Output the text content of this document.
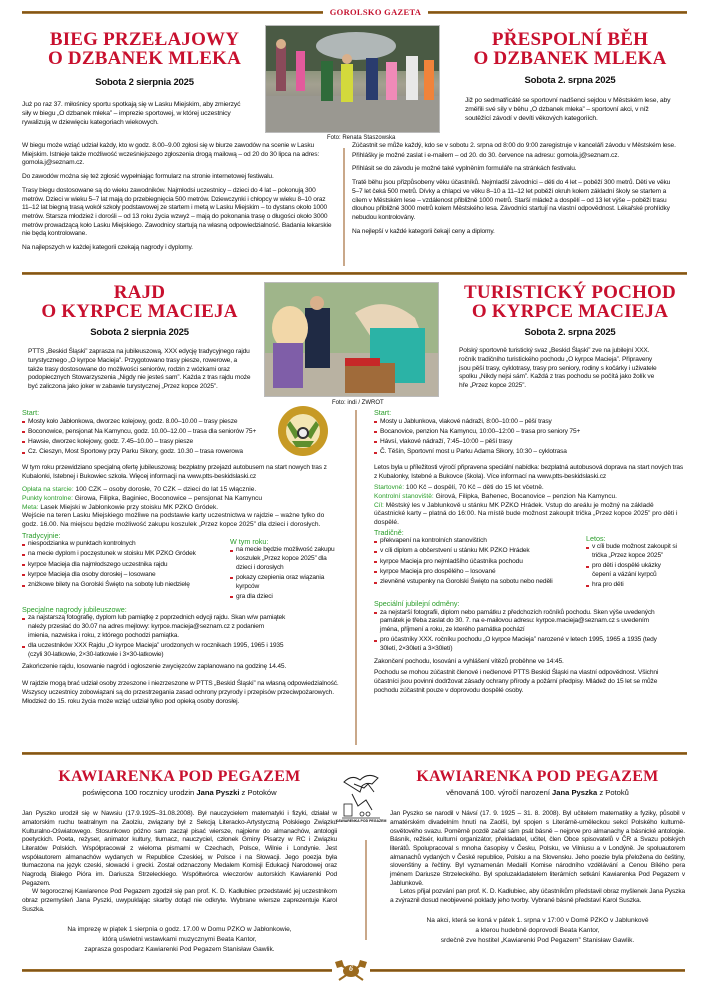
GOROLSKO GAZETA
BIEG PRZEŁAJOWY
O DZBANEK MLEKA
Sobota 2 sierpnia 2025
Już po raz 37. miłośnicy sportu spotkają się w Lasku Miejskim, aby zmierzyć siły w biegu „O dzbanek mleka” – imprezie sportowej, w której uczestnicy rywalizują w dziewięciu kategoriach wiekowych.
Foto: Renata Staszowska
PŘESPOLNÍ BĚH
O DZBANEK MLEKA
Sobota 2. srpna 2025
Již po sedmatřicáté se sportovní nadšenci sejdou v Městském lese, aby změřili své síly v běhu „O dzbanek mleka” – sportovní akci, v níž soutěžící závodí v devíti věkových kategoriích.
W biegu może wziąć udział każdy, kto w godz. 8.00–9.00 zgłosi się w biurze zawodów na scenie w Lasku Miejskim. Istnieje także możliwość wcześniejszego zgłoszenia drogą mailową – od 20 do 30 lipca na adres: gomola.j@seznam.cz.
Do zawodów można się też zgłosić wypełniając formularz na stronie internetowej festiwalu.
Trasy biegu dostosowane są do wieku zawodników. Najmłodsi uczestnicy – dzieci do 4 lat – pokonują 300 metrów. Dzieci w wieku 5–7 lat mają do przebiegnięcia 500 metrów. Dziewczynki i chłopcy w wieku 8–10 oraz 11–12 lat biegną trasą wokół szkoły podstawowej ze startem i metą w Lasku Miejskim – to dystans około 1000 metrów. Starsza młodzież i dorośli – od 13 roku życia wzwyż – mają do pokonania trasę o długości około 3000 metrów prowadzącą koło Lasku Miejskiego. Zawodnicy startują na własną odpowiedzialność. Badania lekarskie nie będą kontrolowane.
Na najlepszych w każdej kategorii czekają nagrody i dyplomy.
Zúčastnit se může každý, kdo se v sobotu 2. srpna od 8:00 do 9:00 zaregistruje v kanceláři závodu v Městském lese.
Přihlášky je možné zaslat i e-mailem – od 20. do 30. července na adresu: gomola.j@seznam.cz.
Přihlásit se do závodu je možné také vyplněním formuláře na stránkách festivalu.
Tratě běhu jsou přizpůsobeny věku účastníků. Nejmladší závodníci – děti do 4 let – poběží 300 metrů. Děti ve věku 5–7 let čeká 500 metrů. Dívky a chlapci ve věku 8–10 a 11–12 let poběží okruh kolem základní školy se startem a cílem v Městském lese – vzdálenost přibližně 1000 metrů. Starší mládež a dospělí – od 13 let výše – poběží trasu dlouhou přibližně 3000 metrů kolem Městského lesa. Závodníci startují na vlastní odpovědnost. Lékařské prohlídky nebudou kontrolovány.
Na nejlepší v každé kategorii čekají ceny a diplomy.
RAJD
O KYRPCE MACIEJA
Sobota 2 sierpnia 2025
PTTS „Beskid Śląski” zaprasza na jubileuszową, XXX edycję tradycyjnego rajdu turystycznego „O kyrpce Macieja”. Przygotowano trasy piesze, rowerowe, a także trasy dostosowane do możliwości seniorów, rodzin z wózkami oraz podopiecznych Stowarzyszenia „Nigdy nie jesteś sam”. Każda z tras rajdu może być zaliczona jako joker w zabawie turystycznej „Przez kopce 2025”.
Foto: indi / ZWROT
TURISTICKÝ POCHOD
O KYRPCE MACIEJA
Sobota 2. srpna 2025
Polský sportovně turistický svaz „Beskid Śląski” zve na jubilejní XXX. ročník tradičního turistického pochodu „O kyrpce Macieja”. Připraveny jsou pěší trasy, cyklotrasy, trasy pro seniory, rodiny s kočárky i uživatele spolku „Nikdy nejsi sám”. Každá z tras pochodu se počítá jako žolík ve hře „Przez kopce 2025”.
Start:
Mosty koło Jabłonkowa, dworzec kolejowy, godz. 8.00–10.00 – trasy piesze
Boconowice, pensjonat Na Kamyncu, godz. 10.00–12.00 – trasa dla seniorów 75+
Hawsie, dworzec kolejowy, godz. 7.45–10.00 – trasy piesze
Cz. Cieszyn, Most Sportowy przy Parku Sikory, godz. 10.30 – trasa rowerowa
W tym roku przewidziano specjalną ofertę jubileuszową: bezpłatny przejazd autobusem na start nowych tras z Kubalonki, Istebnej i Bukowiec szkoła. Więcej informacji na www.ptts-beskidslaski.cz
Opłata na starcie: 100 CZK – osoby dorosłe, 70 CZK – dzieci do lat 15 włącznie.
Punkty kontrolne: Girowa, Filipka, Baginiec, Boconowice – pensjonat Na Kamyncu
Meta: Lasek Miejski w Jabłonkowie przy stoisku MK PZKO Gródek.
Wejście na teren Lasku Miejskiego możliwe na podstawie karty uczestnictwa w rajdzie – ważne tylko do godz. 16.00. Na miejscu będzie możliwość zakupu koszulek „Przez kopce 2025” dla dzieci i dorosłych.
Tradycyjnie:
niespodzianka w punktach kontrolnych
na mecie dyplom i poczęstunek w stoisku MK PZKO Gródek
kyrpce Macieja dla najmłodszego uczestnika rajdu
kyrpce Macieja dla osoby dorosłej – losowane
zniżkowe bilety na Gorolski Święto na sobotę lub niedzielę
W tym roku:
na mecie będzie możliwość zakupu koszulek „Przez kopce 2025” dla dzieci i dorosłych
pokazy czepienia oraz wiązania kyrpców
gra dla dzieci
Specjalne nagrody jubileuszowe:
za najstarszą fotografię, dyplom lub pamiątkę z poprzednich edycji rajdu. Skan w/w pamiątek należy przesłać do 30.07 na adres mejlowy: kyrpce.macieja@seznam.cz z podaniem imienia, nazwiska i roku, z którego pochodzi pamiątka.
dla uczestników XXX Rajdu „O kyrpce Macieja” urodzonych w rocznikach 1995, 1965 i 1935 (czyli 30-latkowie, 2×30-latkowie i 3×30-latkowie)
Zakończenie rajdu, losowanie nagród i ogłoszenie zwycięzców zaplanowano na godzinę 14.45.
W rajdzie mogą brać udział osoby zrzeszone i niezrzeszone w PTTS „Beskid Śląski” na własną odpowiedzialność. Wszyscy uczestnicy zobowiązani są do przestrzegania zasad ochrony przyrody i przepisów przeciwpożarowych. Młodzież do 15. roku życia może wziąć udział tylko pod opieką osoby dorosłej.
Start:
Mosty u Jablunkova, vlakové nádraží, 8:00–10:00 – pěší trasy
Bocanovice, penzion Na Kamyncu, 10:00–12:00 – trasa pro seniory 75+
Hávsí, vlakové nádraží, 7:45–10:00 – pěší trasy
Č. Těšín, Sportovní most u Parku Adama Sikory, 10:30 – cyklotrasa
Letos byla u příležitosti výročí připravena speciální nabídka: bezplatná autobusová doprava na start nových tras z Kubalonky, Istebné a Bukovce (škola). Více informací na www.ptts-beskidslaski.cz
Startovné: 100 Kč – dospělí, 70 Kč – děti do 15 let včetně.
Kontrolní stanoviště: Girová, Filipka, Bahenec, Bocanovice – penzion Na Kamyncu.
Cíl: Městský les v Jablunkově u stánku MK PZKO Hrádek. Vstup do areálu je možný na základě účastnické karty – platná do 16:00. Na místě bude možnost zakoupit trička „Przez kopce 2025” pro děti i dospělé.
Tradičně:
překvapení na kontrolních stanovištích
v cíli diplom a občerstvení u stánku MK PZKO Hrádek
kyrpce Macieja pro nejmladšího účastníka pochodu
kyrpce Macieja pro dospělého – losované
zlevněné vstupenky na Gorolski Święto na sobotu nebo neděli
Letos:
v cíli bude možnost zakoupit si trička „Przez kopce 2025”
pro děti i dospělé ukázky čepení a vázání kyrpců
hra pro děti
Speciální jubilejní odměny:
za nejstarší fotografii, diplom nebo památku z předchozích ročníků pochodu. Sken výše uvedených památek je třeba zaslat do 30. 7. na e-mailovou adresu: kyrpce.macieja@seznam.cz s uvedením jména, příjmení a roku, ze kterého památka pochází
pro účastníky XXX. ročníku pochodu „O kyrpce Macieja” narozené v letech 1995, 1965 a 1935 (tedy 30letí, 2×30letí a 3×30letí)
Zakončení pochodu, losování a vyhlášení vítězů proběhne ve 14:45.
Pochodu se mohou zúčastnit členové i nečlenové PTTS Beskid Śląski na vlastní odpovědnost. Všichni účastníci jsou povinni dodržovat zásady ochrany přírody a požární předpisy. Mládež do 15 let se může pochodu zúčastnit pouze v doprovodu dospělé osoby.
KAWIARENKA POD PEGAZEM
poświęcona 100 rocznicy urodzin Jana Pyszki z Potoków
Jan Pyszko urodził się w Nawsiu (17.9.1925–31.08.2008). Był nauczycielem matematyki i fizyki, działał w amatorskim ruchu teatralnym na Zaolziu, związany był z Sekcją Literacko-Artystyczną Polskiego Związku Kulturalno-Oświatowego. Stosunkowo późno sam zaczął pisać wiersze, najpierw do almanachów, antologii poetyckich. Poeta, reżyser, animator kultury, tłumacz, nauczyciel, członek Gminy Pisarzy w RC i Związku Literatów Polskich. Współpracował z wieloma pismami w Czechach, Polsce, Wilnie i Londynie. Jest współautorem almanachów wydanych w Republice Czeskiej, w Polsce i na Słowacji. Jego poezja była tłumaczona na język czeski, słowacki i grecki. Został odznaczony Medalem Komisji Edukacji Narodowej oraz Nagrodą Białego Pióra im. Dariusza Strzeleckiego. Współtwórca wieczorów autorskich Kawiarenki Pod Pegazem.
W tegorocznej Kawiarence Pod Pegazem zgodził się pan prof. K. D. Kadłubiec przedstawić jej uczestnikom obraz przemyśleń Jana Pyszki, uwypuklając skarby dotąd nie odkryte. Wybrane wiersze zaprezentuje Karol Suszka.
Na imprezę w piątek 1 sierpnia o godz. 17.00 w Domu PZKO w Jabłonkowie,
którą uświetni wstawkami muzycznymi Beata Kantor,
zaprasza gospodarz Kawiarenki Pod Pegazem Stanisław Gawlik.
KAWIARENKA POD PEGAZEM
KAWIARENKA POD PEGAZEM
věnovaná 100. výročí narození Jana Pyszka z Potoků
Jan Pyszko se narodil v Návsí (17. 9. 1925 – 31. 8. 2008). Byl učitelem matematiky a fyziky, působil v amatérském divadelním hnutí na Zaolší, byl spojen s Literárně-uměleckou sekcí Polského kulturně-osvětového svazu. Poměrně pozdě začal sám psát básně – nejprve pro almanachy a básnické antologie. Básník, režisér, kulturní organizátor, překladatel, učitel, člen Obce spisovatelů v ČR a Svazu polských literátů. Spolupracoval s mnoha časopisy v Česku, Polsku, ve Vilniusu a v Londýně. Je spoluautorem almanachů vydaných v České republice, Polsku a na Slovensku. Jeho poezie byla přeložena do češtiny, slovenštiny a řečtiny. Byl vyznamenán Medailí Komise národního vzdělávání a Cenou Bílého pera jménem Dariusze Strzeleckého. Byl spoluzakladatelem literárních setkání Kawiarenka Pod Pegazem v Jablunkově.
Letos přijal pozvání pan prof. K. D. Kadłubiec, aby účastníkům představil obraz myšlenek Jana Pyszka a zvýraznil dosud neobjevené poklady jeho tvorby. Vybrané básně představí Karol Suszka.
Na akci, která se koná v pátek 1. srpna v 17:00 v Domě PZKO v Jablunkově
a kterou hudebně doprovodí Beata Kantor,
srdečně zve hostitel „Kawiarenki Pod Pegazem” Stanisław Gawlik.
6
